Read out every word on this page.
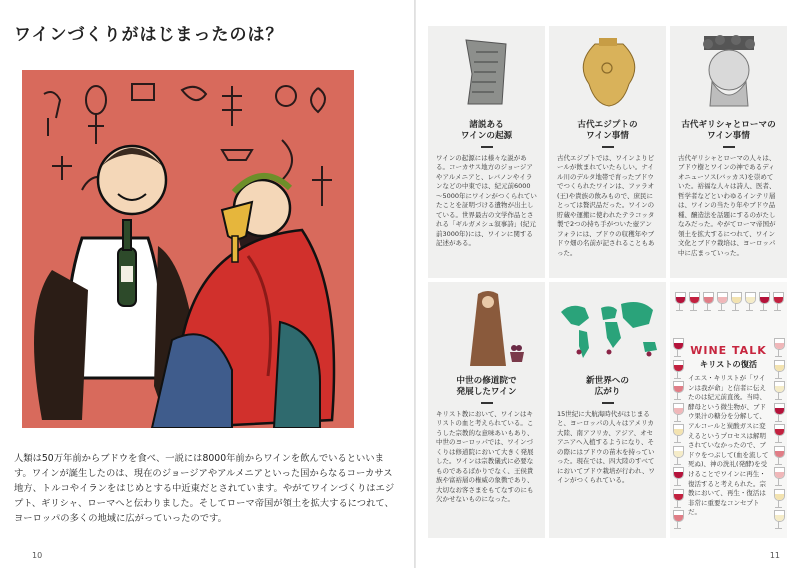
ワインづくりがはじまったのは？

人類は50万年前からブドウを食べ、一説には8000年前からワインを飲んでいるといいます。ワインが誕生したのは、現在のジョージアやアルメニアといった国からなるコーカサス地方、トルコやイランをはじめとする中近東だとされています。やがてワインづくりはエジプト、ギリシャ、ローマへと伝わりました。そしてローマ帝国が領土を拡大するにつれて、ヨーロッパの多くの地域に広がっていったのです。

10
諸説ある
ワインの起源

ワインの起源には様々な説がある。コーカサス地方のジョージアやアルメニアと、レバノンやイランなどの中東では、紀元前6000～5000年にワインがつくられていたことを証明づける遺物が出土している。世界最古の文学作品とされる「ギルガメシュ叙事詩」(紀元前3000年)には、ワインに関する記述がある。

古代エジプトの
ワイン事情

古代エジプトでは、ワインよりビールが飲まれていたらしい。ナイル川のデルタ地帯で育ったブドウでつくられたワインは、ファラオ(王)や貴族の飲みもので、庶民にとっては贅沢品だった。ワインの貯蔵や運搬に使われたテラコッタ製で2つの持ち手がついた壺アンフォラには、ブドウの収穫年やブドウ畑の名前が記されることもあった。

古代ギリシャとローマの
ワイン事情

古代ギリシャとローマの人々は、ブドウ樹とワインの神であるディオニューソス(バッカス)を崇めていた。裕福な人々は詩人、医者、哲学者などといわゆるインテリ層は、ワインの当たり年やブドウ品種、醸造法を話題にするのがたしなみだった。やがてローマ帝国が領土を拡大するにつれて、ワイン文化とブドウ栽培は、ヨーロッパ中に広まっていった。

中世の修道院で
発展したワイン

キリスト教において、ワインはキリストの血と考えられている。こうした宗教的な意味あいもあり、中世のヨーロッパでは、ワインづくりは修道院において大きく発展した。ワインは宗教儀式に必要なものであるばかりでなく、王侯貴族や富裕層の権威の象徴であり、大切なお客さまをもてなすのにも欠かせないものになった。

新世界への
広がり

15世紀に大航海時代がはじまると、ヨーロッパの人々はアメリカ大陸、南アフリカ、アジア、オセアニアへ入植するようになり、その際にはブドウの苗木を持っていった。現在では、四大陸のすべてにおいてブドウ栽培が行われ、ワインがつくられている。

WINE TALK
キリストの復活

イエス・キリストが「ワインは我が命」と信者に伝えたのは紀元前直後。当時、酵母という微生物が、ブドウ果汁の糖分を分解して、アルコールと炭酸ガスに変えるというプロセスは解明されていなかったので、ブドウをつぶして(血を流して死ぬ)、神の洗礼(発酵)を受けることでワインに再生・復活すると考えられた。宗教において、再生・復活は非常に重要なコンセプトだ。

11
